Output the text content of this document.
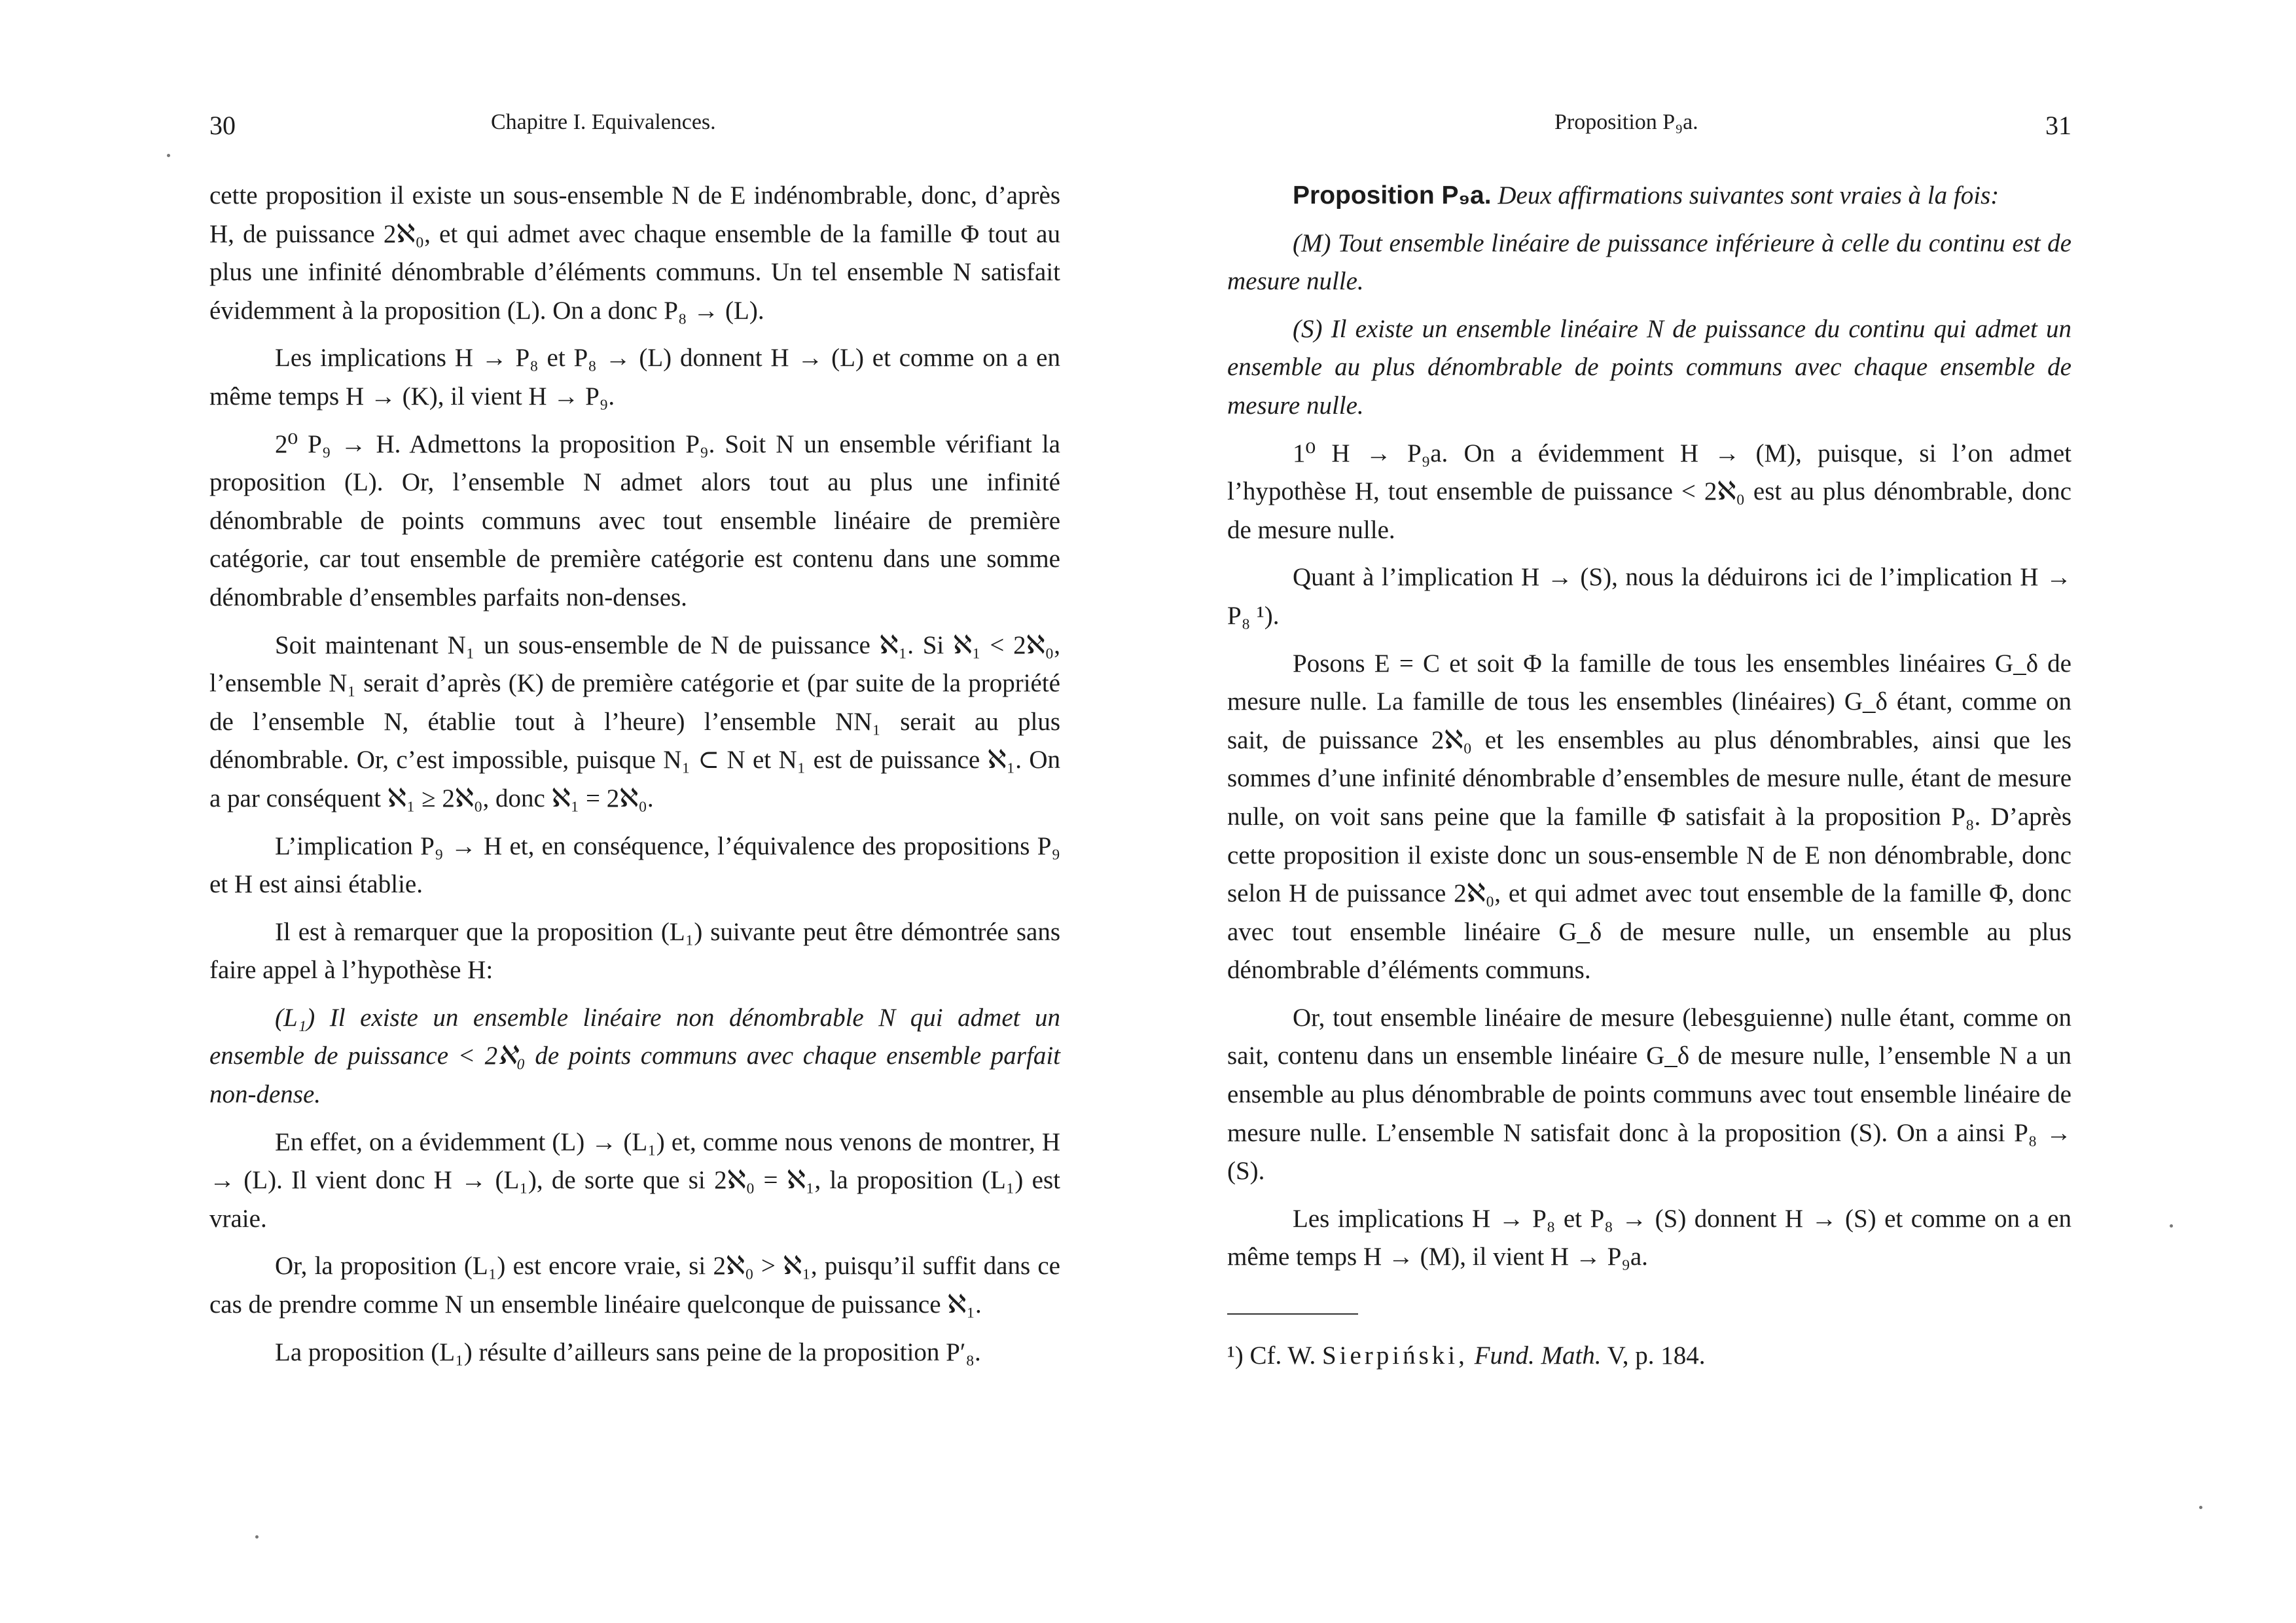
30	Chapitre I. Equivalences.

cette proposition il existe un sous-ensemble N de E indénombrable, donc, d’après H, de puissance 2ℵ₀, et qui admet avec chaque ensemble de la famille Φ tout au plus une infinité dénombrable d’éléments communs. Un tel ensemble N satisfait évidemment à la proposition (L). On a donc P₈ → (L).

Les implications H → P₈ et P₈ → (L) donnent H → (L) et comme on a en même temps H → (K), il vient H → P₉.

2⁰ P₉ → H. Admettons la proposition P₉. Soit N un ensemble vérifiant la proposition (L). Or, l’ensemble N admet alors tout au plus une infinité dénombrable de points communs avec tout ensemble linéaire de première catégorie, car tout ensemble de première catégorie est contenu dans une somme dénombrable d’ensembles parfaits non-denses.

Soit maintenant N₁ un sous-ensemble de N de puissance ℵ₁. Si ℵ₁ < 2ℵ₀, l’ensemble N₁ serait d’après (K) de première catégorie et (par suite de la propriété de l’ensemble N, établie tout à l’heure) l’ensemble NN₁ serait au plus dénombrable. Or, c’est impossible, puisque N₁ ⊂ N et N₁ est de puissance ℵ₁. On a par conséquent ℵ₁ ≥ 2ℵ₀, donc ℵ₁ = 2ℵ₀.

L’implication P₉ → H et, en conséquence, l’équivalence des propositions P₉ et H est ainsi établie.

Il est à remarquer que la proposition (L₁) suivante peut être démontrée sans faire appel à l’hypothèse H:

(L₁) Il existe un ensemble linéaire non dénombrable N qui admet un ensemble de puissance < 2ℵ₀ de points communs avec chaque ensemble parfait non-dense.

En effet, on a évidemment (L) → (L₁) et, comme nous venons de montrer, H → (L). Il vient donc H → (L₁), de sorte que si 2ℵ₀ = ℵ₁, la proposition (L₁) est vraie.

Or, la proposition (L₁) est encore vraie, si 2ℵ₀ > ℵ₁, puisqu’il suffit dans ce cas de prendre comme N un ensemble linéaire quelconque de puissance ℵ₁.

La proposition (L₁) résulte d’ailleurs sans peine de la proposition P′₈.

Proposition P₉a.	31

Proposition P₉a. Deux affirmations suivantes sont vraies à la fois:

(M) Tout ensemble linéaire de puissance inférieure à celle du continu est de mesure nulle.

(S) Il existe un ensemble linéaire N de puissance du continu qui admet un ensemble au plus dénombrable de points communs avec chaque ensemble de mesure nulle.

1⁰ H → P₉a. On a évidemment H → (M), puisque, si l’on admet l’hypothèse H, tout ensemble de puissance < 2ℵ₀ est au plus dénombrable, donc de mesure nulle.

Quant à l’implication H → (S), nous la déduirons ici de l’implication H → P₈ ¹).

Posons E = C et soit Φ la famille de tous les ensembles linéaires G_δ de mesure nulle. La famille de tous les ensembles (linéaires) G_δ étant, comme on sait, de puissance 2ℵ₀ et les ensembles au plus dénombrables, ainsi que les sommes d’une infinité dénombrable d’ensembles de mesure nulle, étant de mesure nulle, on voit sans peine que la famille Φ satisfait à la proposition P₈. D’après cette proposition il existe donc un sous-ensemble N de E non dénombrable, donc selon H de puissance 2ℵ₀, et qui admet avec tout ensemble de la famille Φ, donc avec tout ensemble linéaire G_δ de mesure nulle, un ensemble au plus dénombrable d’éléments communs.

Or, tout ensemble linéaire de mesure (lebesguienne) nulle étant, comme on sait, contenu dans un ensemble linéaire G_δ de mesure nulle, l’ensemble N a un ensemble au plus dénombrable de points communs avec tout ensemble linéaire de mesure nulle. L’ensemble N satisfait donc à la proposition (S). On a ainsi P₈ → (S).

Les implications H → P₈ et P₈ → (S) donnent H → (S) et comme on a en même temps H → (M), il vient H → P₉a.

¹) Cf. W. Sierpiński, Fund. Math. V, p. 184.
